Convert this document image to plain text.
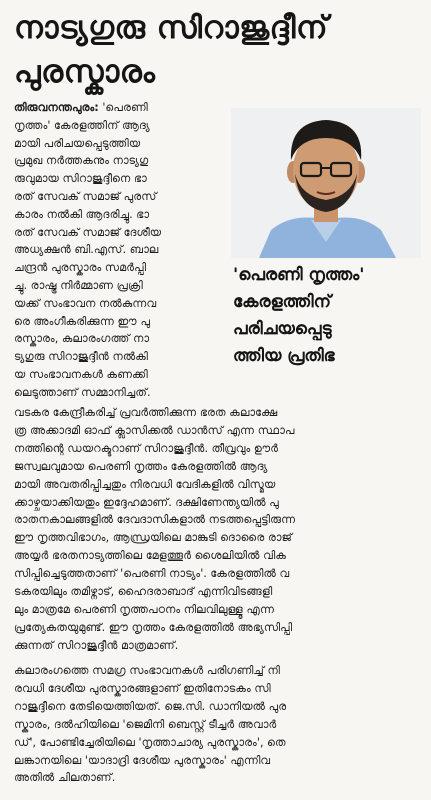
നാട്യഗുരു സിറാജുദ്ദീന്
പുരസ്കാരം
'പെരണി നൃത്തം'
കേരളത്തിന്
പരിചയപ്പെടു
ത്തിയ പ്രതിഭ
തിരുവനന്തപുരം: 'പെരണി
നൃത്തം' കേരളത്തിന് ആദ്യ
മായി പരിചയപ്പെടുത്തിയ
പ്രമുഖ നർത്തകനും നാട്യഗു
രുവുമായ സിറാജുദ്ദീനെ ഭാ
രത് സേവക് സമാജ് പുരസ്
കാരം നൽകി ആദരിച്ചു. ഭാ
രത് സേവക് സമാജ് ദേശീയ
അധ്യക്ഷൻ ബി.എസ്. ബാല
ചന്ദ്രൻ പുരസ്കാരം സമർപ്പി
ച്ചു. രാഷ്ട്ര നിർമ്മാണ പ്രക്രി
യക്ക് സംഭാവന നൽകുന്നവ
രെ അംഗീകരിക്കുന്ന ഈ പു
രസ്കാരം, കലാരംഗത്ത് നാ
ട്യഗുരു സിറാജുദ്ദീൻ നൽകി
യ സംഭാവനകൾ കണക്കി
ലെടുത്താണ് സമ്മാനിച്ചത്.
വടകര കേന്ദ്രീകരിച്ച് പ്രവർത്തിക്കുന്ന ഭരത കലാക്ഷേ
ത്ര അക്കാദമി ഓഫ് ക്ലാസിക്കൽ ഡാൻസ് എന്ന സ്ഥാപ
നത്തിന്റെ ഡയറക്ടറാണ് സിറാജുദ്ദീൻ. തീവ്രവും ഊർ
ജസ്വലവുമായ പെരണി നൃത്തം കേരളത്തിൽ ആദ്യ
മായി അവതരിപ്പിച്ചതും നിരവധി വേദികളിൽ വിസ്മയ
ക്കാഴ്ചയാക്കിയതും ഇദ്ദേഹമാണ്. ദക്ഷിണേന്ത്യയിൽ പു
രാതനകാലങ്ങളിൽ ദേവദാസികളാൽ നടത്തപ്പെട്ടിരുന്ന
ഈ നൃത്തവിഭാഗം, ആന്ധ്രയിലെ മാങ്കുടി ദൊരൈ രാജ്
അയ്യർ ഭരതനാട്യത്തിലെ മേളത്തൂർ ശൈലിയിൽ വിക
സിപ്പിച്ചെടുത്തതാണ് 'പെരണി നാട്യം'. കേരളത്തിൽ വ
ടകരയിലും തമിഴ്നാട്, ഹൈദരാബാദ് എന്നിവിടങ്ങളി
ലും മാത്രമേ പെരണി നൃത്തപഠനം നിലവിലുള്ളൂ എന്ന
പ്രത്യേകതയുമുണ്ട്. ഈ നൃത്തം കേരളത്തിൽ അഭ്യസിപ്പി
ക്കുന്നത് സിറാജുദ്ദീൻ മാത്രമാണ്.
കലാരംഗത്തെ സമഗ്ര സംഭാവനകൾ പരിഗണിച്ച് നി
രവധി ദേശീയ പുരസ്കാരങ്ങളാണ് ഇതിനോടകം സി
റാജുദ്ദീനെ തേടിയെത്തിയത്. ജെ.സി. ഡാനിയൽ പുര
സ്കാരം, ദൽഹിയിലെ 'ജെമിനി ബെസ്റ്റ് ടീച്ചർ അവാർ
ഡ്', പോണ്ടിച്ചേരിയിലെ 'നൃത്താചാര്യ പുരസ്കാരം', തെ
ലങ്കാനയിലെ 'യാദാദ്രി ദേശീയ പുരസ്കാരം' എന്നിവ
അതിൽ ചിലതാണ്.
